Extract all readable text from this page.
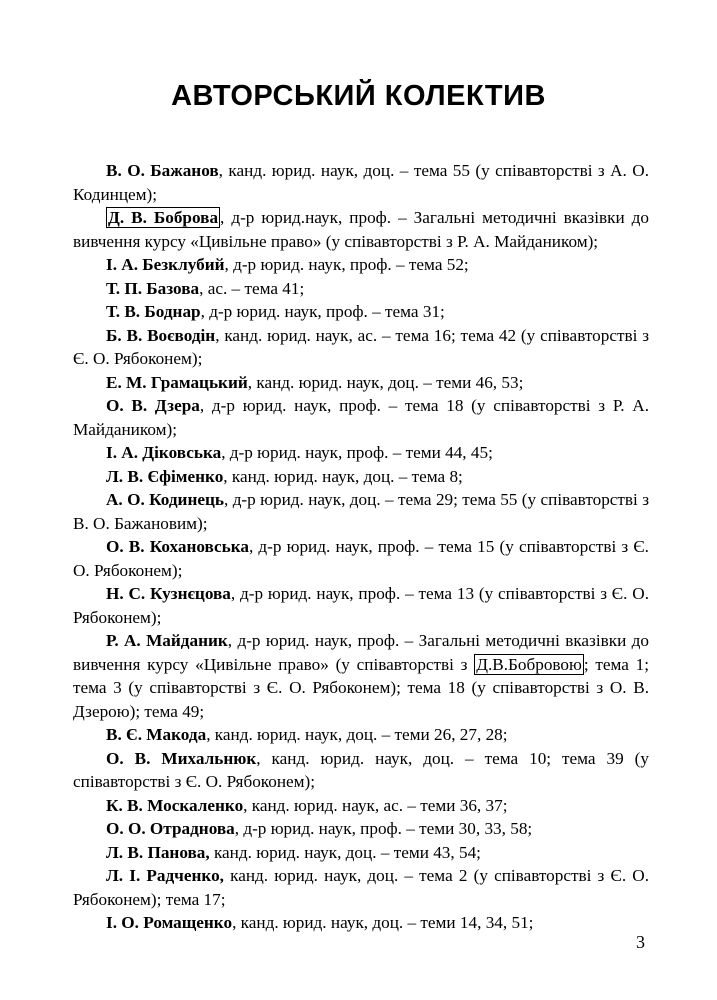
АВТОРСЬКИЙ КОЛЕКТИВ

В. О. Бажанов, канд. юрид. наук, доц. – тема 55 (у співавторстві з А. О. Кодинцем);

Д. В. Боброва , д-р юрид.наук, проф. – Загальні методичні вказівки до вивчення курсу «Цивільне право» (у співавторстві з Р. А. Майдаником);

І. А. Безклубий, д-р юрид. наук, проф. – тема 52;

Т. П. Базова, ас. – тема 41;

Т. В. Боднар, д-р юрид. наук, проф. – тема 31;

Б. В. Воєводін, канд. юрид. наук, ас. – тема 16; тема 42 (у співавторстві з Є. О. Рябоконем);

Е. М. Грамацький, канд. юрид. наук, доц. – теми 46, 53;

О. В. Дзера, д-р юрид. наук, проф. – тема 18 (у співавторстві з Р. А. Майдаником);

І. А. Діковська, д-р юрид. наук, проф. – теми 44, 45;

Л. В. Єфіменко, канд. юрид. наук, доц. – тема 8;

А. О. Кодинець, д-р юрид. наук, доц. – тема 29; тема 55 (у співавторстві з В. О. Бажановим);

О. В. Кохановська, д-р юрид. наук, проф. – тема 15 (у співавторстві з Є. О. Рябоконем);

Н. С. Кузнєцова, д-р юрид. наук, проф. – тема 13 (у співавторстві з Є. О. Рябоконем);

Р. А. Майданик, д-р юрид. наук, проф. – Загальні методичні вказівки до вивчення курсу «Цивільне право» (у співавторстві з Д.В.Бобровою ; тема 1; тема 3 (у співавторстві з Є. О. Рябоконем); тема 18 (у співавторстві з О. В. Дзерою); тема 49;

В. Є. Макода, канд. юрид. наук, доц. – теми 26, 27, 28;

О. В. Михальнюк, канд. юрид. наук, доц. – тема 10; тема 39 (у співавторстві з Є. О. Рябоконем);

К. В. Москаленко, канд. юрид. наук, ас. – теми 36, 37;

О. О. Отраднова, д-р юрид. наук, проф. – теми 30, 33, 58;

Л. В. Панова, канд. юрид. наук, доц. – теми 43, 54;

Л. І. Радченко, канд. юрид. наук, доц. – тема 2 (у співавторстві з Є. О. Рябоконем); тема 17;

І. О. Ромащенко, канд. юрид. наук, доц. – теми 14, 34, 51;

3
